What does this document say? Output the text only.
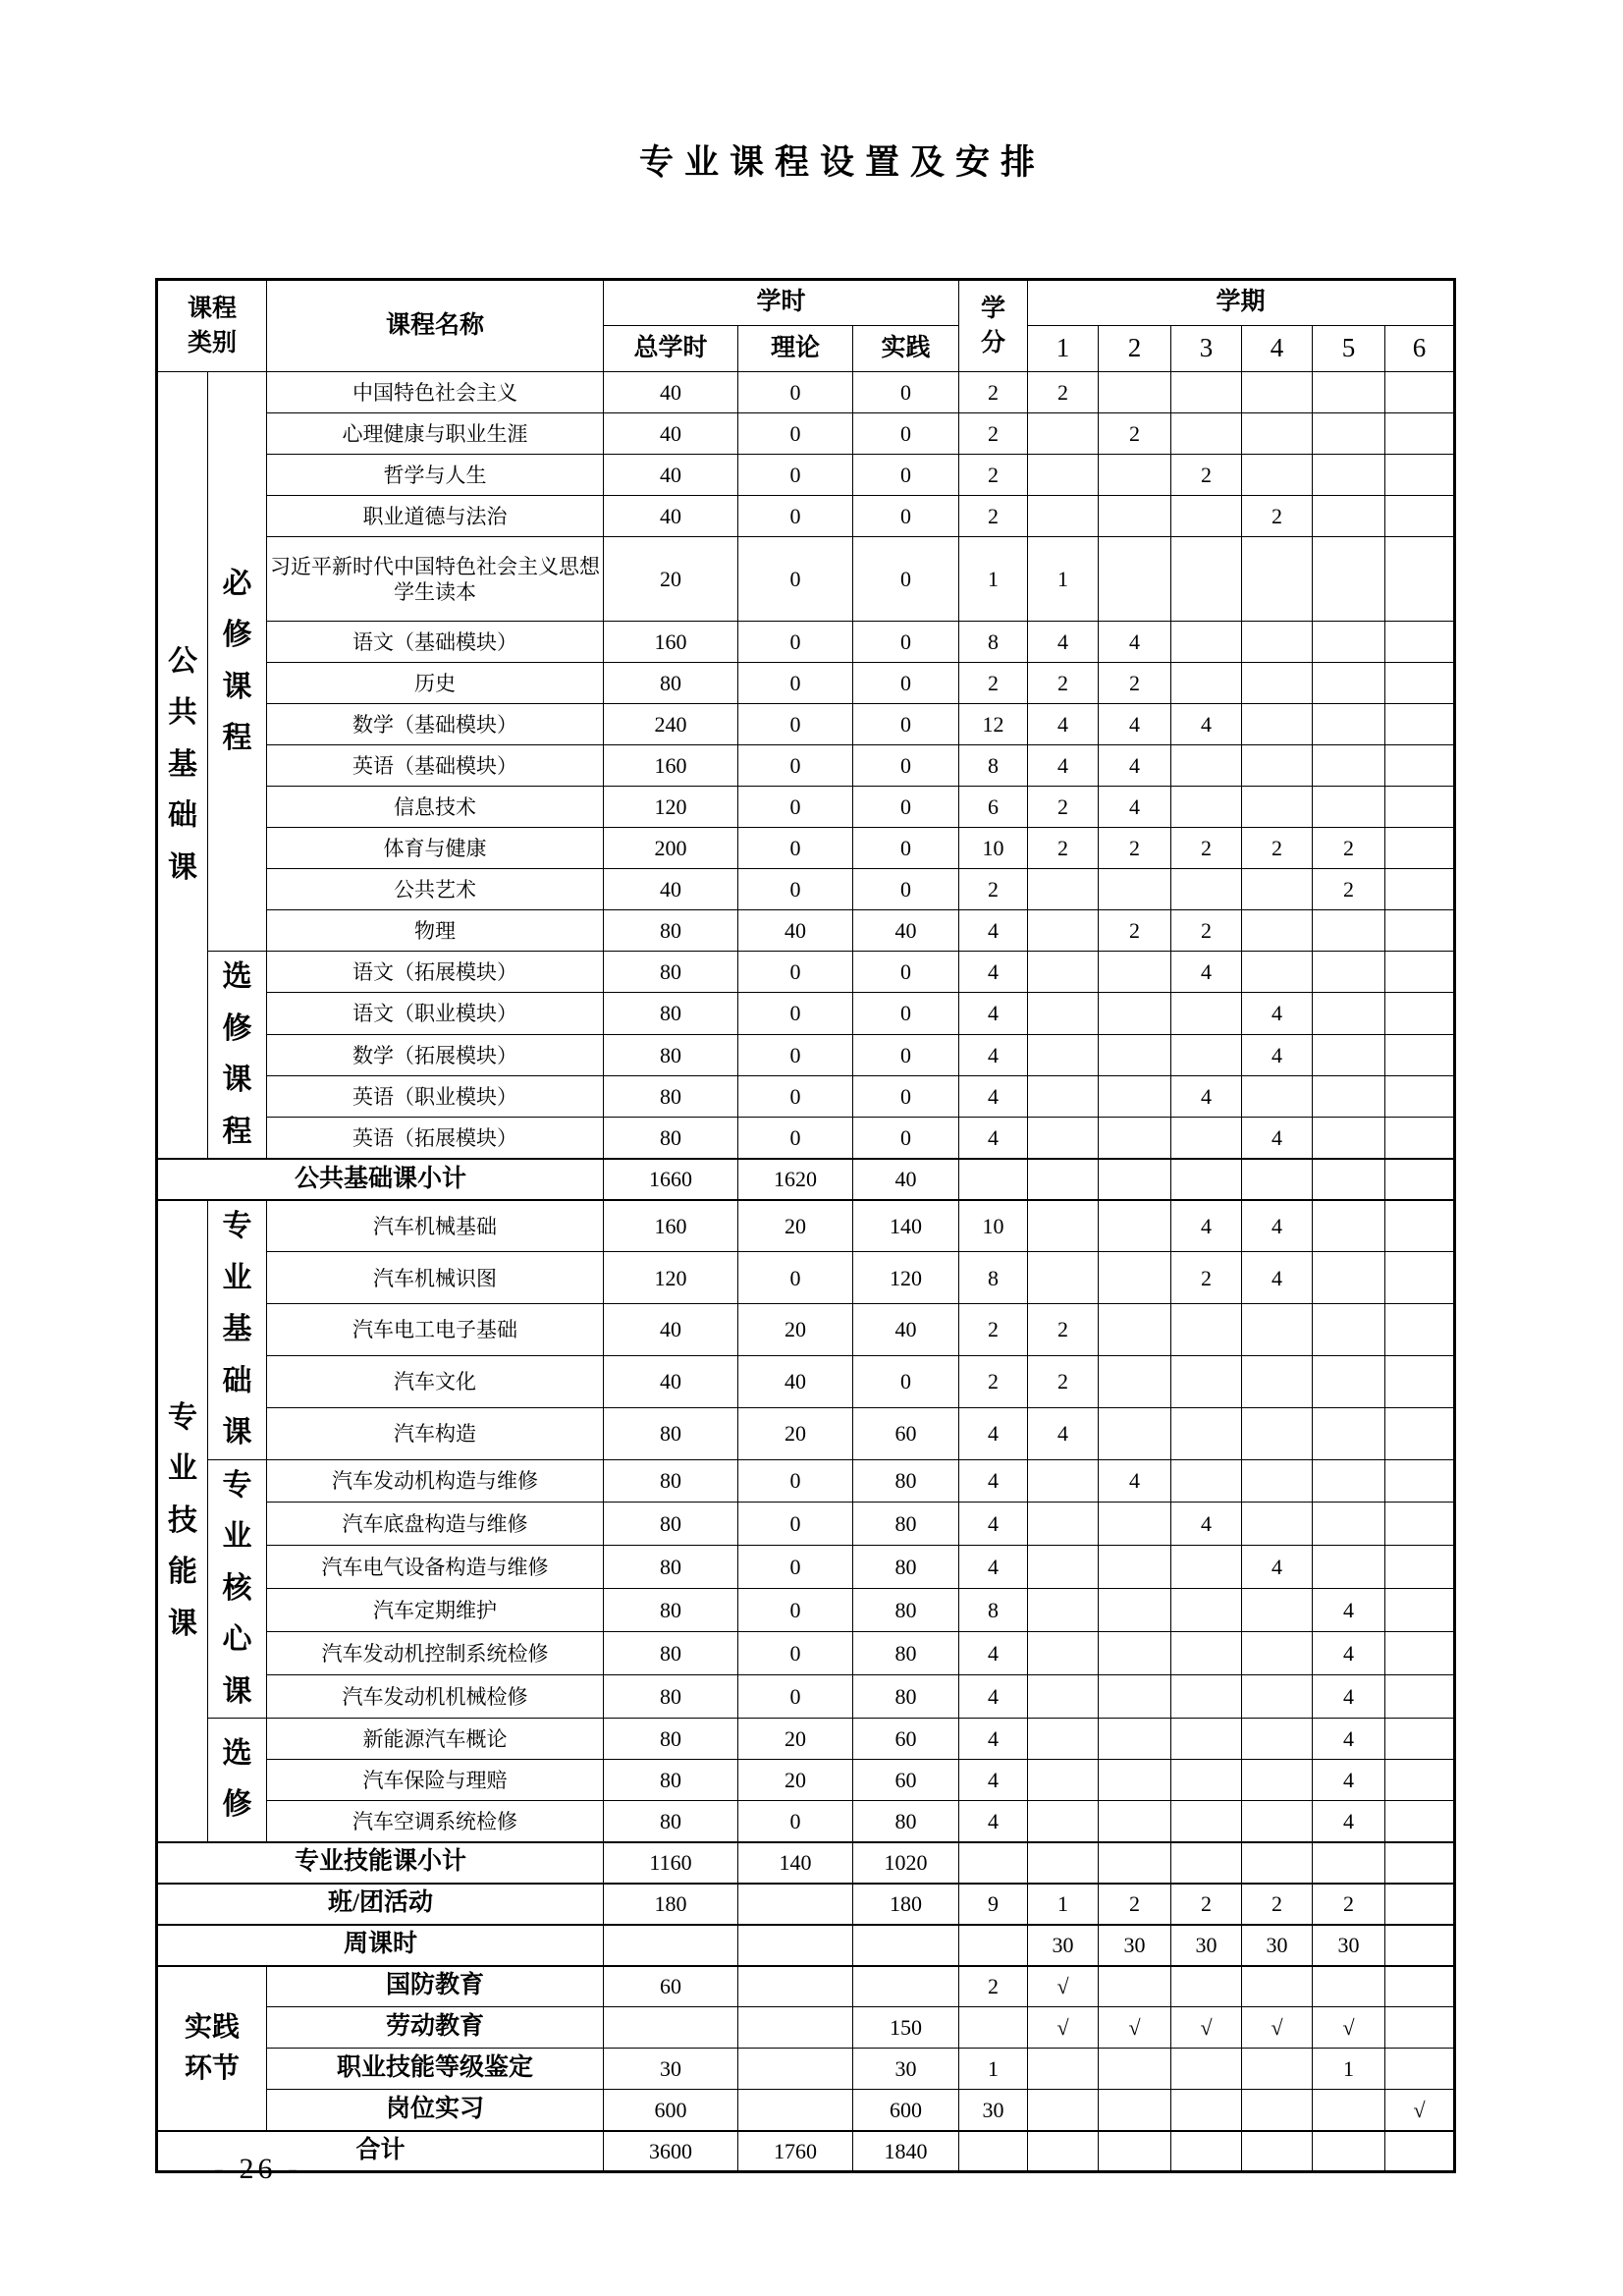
专业课程设置及安排
课程类别		课程名称	学时			学分	学期					
			总学时	理论	实践		1	2	3	4	5	6
公共基础课	必修课程	中国特色社会主义	40	0	0	2	2					
		心理健康与职业生涯	40	0	0	2		2				
		哲学与人生	40	0	0	2			2			
		职业道德与法治	40	0	0	2				2		
		习近平新时代中国特色社会主义思想学生读本	20	0	0	1	1					
		语文（基础模块）	160	0	0	8	4	4				
		历史	80	0	0	2	2	2				
		数学（基础模块）	240	0	0	12	4	4	4			
		英语（基础模块）	160	0	0	8	4	4				
		信息技术	120	0	0	6	2	4				
		体育与健康	200	0	0	10	2	2	2	2	2	
		公共艺术	40	0	0	2					2	
		物理	80	40	40	4		2	2			
	选修课程	语文（拓展模块）	80	0	0	4			4			
		语文（职业模块）	80	0	0	4				4		
		数学（拓展模块）	80	0	0	4				4		
		英语（职业模块）	80	0	0	4			4			
		英语（拓展模块）	80	0	0	4				4		
公共基础课小计			1660	1620	40							
专业技能课	专业基础课	汽车机械基础	160	20	140	10			4	4		
		汽车机械识图	120	0	120	8			2	4		
		汽车电工电子基础	40	20	40	2	2					
		汽车文化	40	40	0	2	2					
		汽车构造	80	20	60	4	4					
	专业核心课	汽车发动机构造与维修	80	0	80	4		4				
		汽车底盘构造与维修	80	0	80	4			4			
		汽车电气设备构造与维修	80	0	80	4				4		
		汽车定期维护	80	0	80	8					4	
		汽车发动机控制系统检修	80	0	80	4					4	
		汽车发动机机械检修	80	0	80	4					4	
	选修	新能源汽车概论	80	20	60	4					4	
		汽车保险与理赔	80	20	60	4					4	
		汽车空调系统检修	80	0	80	4					4	
专业技能课小计			1160	140	1020							
班/团活动			180		180	9	1	2	2	2	2	
周课时							30	30	30	30	30	
实践环节		国防教育	60			2	√					
		劳动教育			150		√	√	√	√	√	
		职业技能等级鉴定	30		30	1					1	
		岗位实习	600		600	30						√
合计			3600	1760	1840							
- 26 -
